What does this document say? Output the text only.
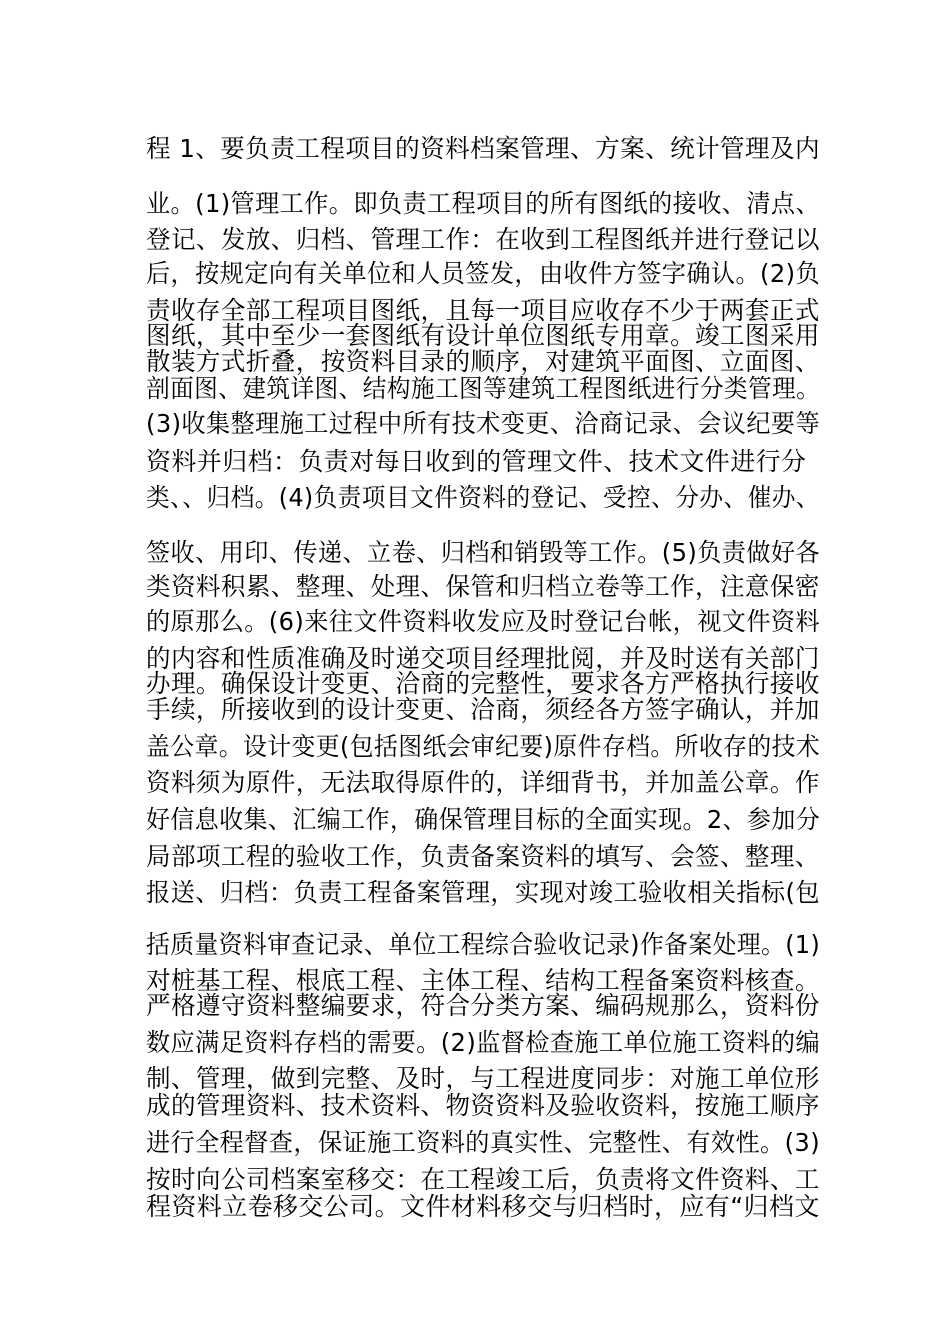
程 1、要负责工程项目的资料档案管理、方案、统计管理及内
业。(1)管理工作。即负责工程项目的所有图纸的接收、清点、
登记、发放、归档、管理工作：在收到工程图纸并进行登记以
后，按规定向有关单位和人员签发，由收件方签字确认。(2)负
责收存全部工程项目图纸，且每一项目应收存不少于两套正式
图纸，其中至少一套图纸有设计单位图纸专用章。竣工图采用
散装方式折叠，按资料目录的顺序，对建筑平面图、立面图、
剖面图、建筑详图、结构施工图等建筑工程图纸进行分类管理。
(3)收集整理施工过程中所有技术变更、洽商记录、会议纪要等
资料并归档：负责对每日收到的管理文件、技术文件进行分
类、、归档。(4)负责项目文件资料的登记、受控、分办、催办、
签收、用印、传递、立卷、归档和销毁等工作。(5)负责做好各
类资料积累、整理、处理、保管和归档立卷等工作，注意保密
的原那么。(6)来往文件资料收发应及时登记台帐，视文件资料
的内容和性质准确及时递交项目经理批阅，并及时送有关部门
办理。确保设计变更、洽商的完整性，要求各方严格执行接收
手续，所接收到的设计变更、洽商，须经各方签字确认，并加
盖公章。设计变更(包括图纸会审纪要)原件存档。所收存的技术
资料须为原件，无法取得原件的，详细背书，并加盖公章。作
好信息收集、汇编工作，确保管理目标的全面实现。2、参加分
局部项工程的验收工作，负责备案资料的填写、会签、整理、
报送、归档：负责工程备案管理，实现对竣工验收相关指标(包
括质量资料审查记录、单位工程综合验收记录)作备案处理。(1)
对桩基工程、根底工程、主体工程、结构工程备案资料核查。
严格遵守资料整编要求，符合分类方案、编码规那么，资料份
数应满足资料存档的需要。(2)监督检查施工单位施工资料的编
制、管理，做到完整、及时，与工程进度同步：对施工单位形
成的管理资料、技术资料、物资资料及验收资料，按施工顺序
进行全程督查，保证施工资料的真实性、完整性、有效性。(3)
按时向公司档案室移交：在工程竣工后，负责将文件资料、工
程资料立卷移交公司。文件材料移交与归档时，应有“归档文
